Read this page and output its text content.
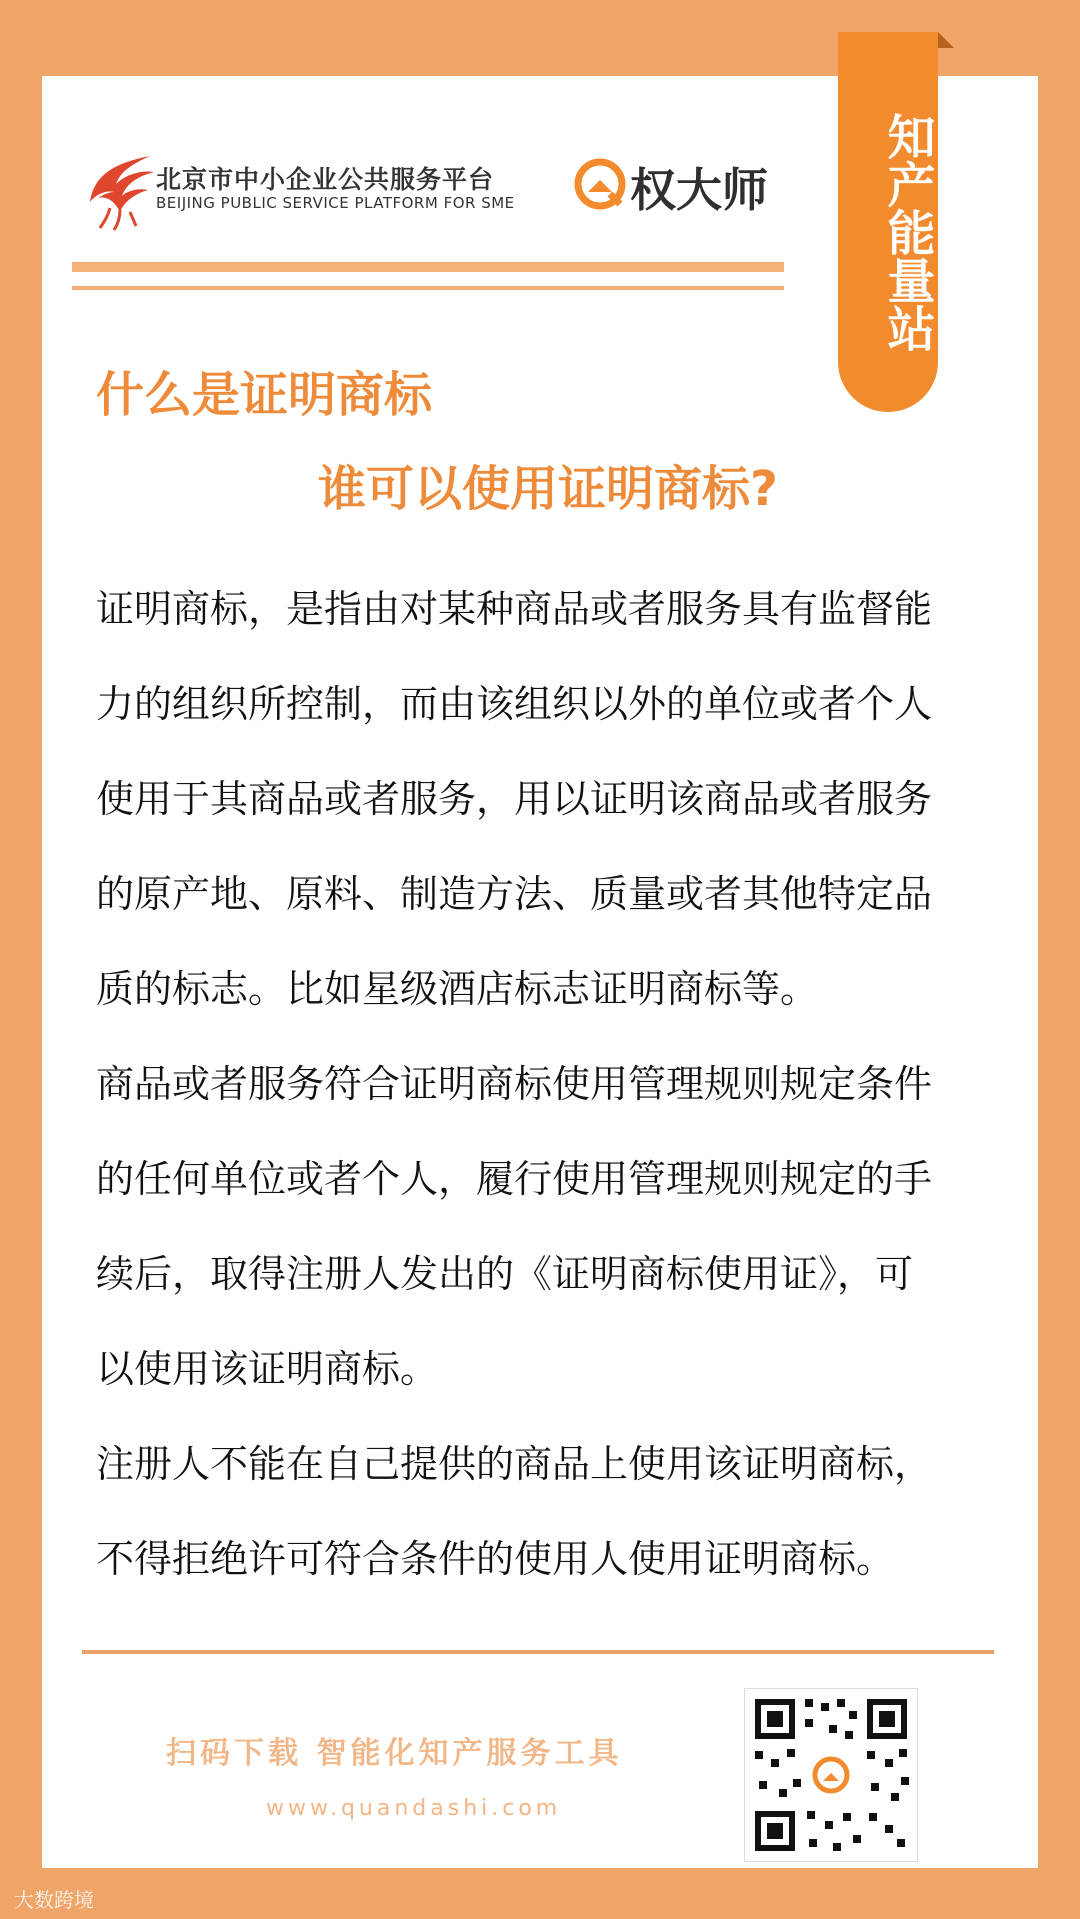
北京市中小企业公共服务平台
BEIJING PUBLIC SERVICE PLATFORM FOR SME	权大师	知产能量站
什么是证明商标
谁可以使用证明商标?

证明商标，是指由对某种商品或者服务具有监督能

力的组织所控制，而由该组织以外的单位或者个人

使用于其商品或者服务，用以证明该商品或者服务

的原产地、原料、制造方法、质量或者其他特定品

质的标志。比如星级酒店标志证明商标等。

商品或者服务符合证明商标使用管理规则规定条件

的任何单位或者个人，履行使用管理规则规定的手

续后，取得注册人发出的《证明商标使用证》，可

以使用该证明商标。

注册人不能在自己提供的商品上使用该证明商标，

不得拒绝许可符合条件的使用人使用证明商标。

扫码下载 智能化知产服务工具
www.quandashi.com
大数跨境
